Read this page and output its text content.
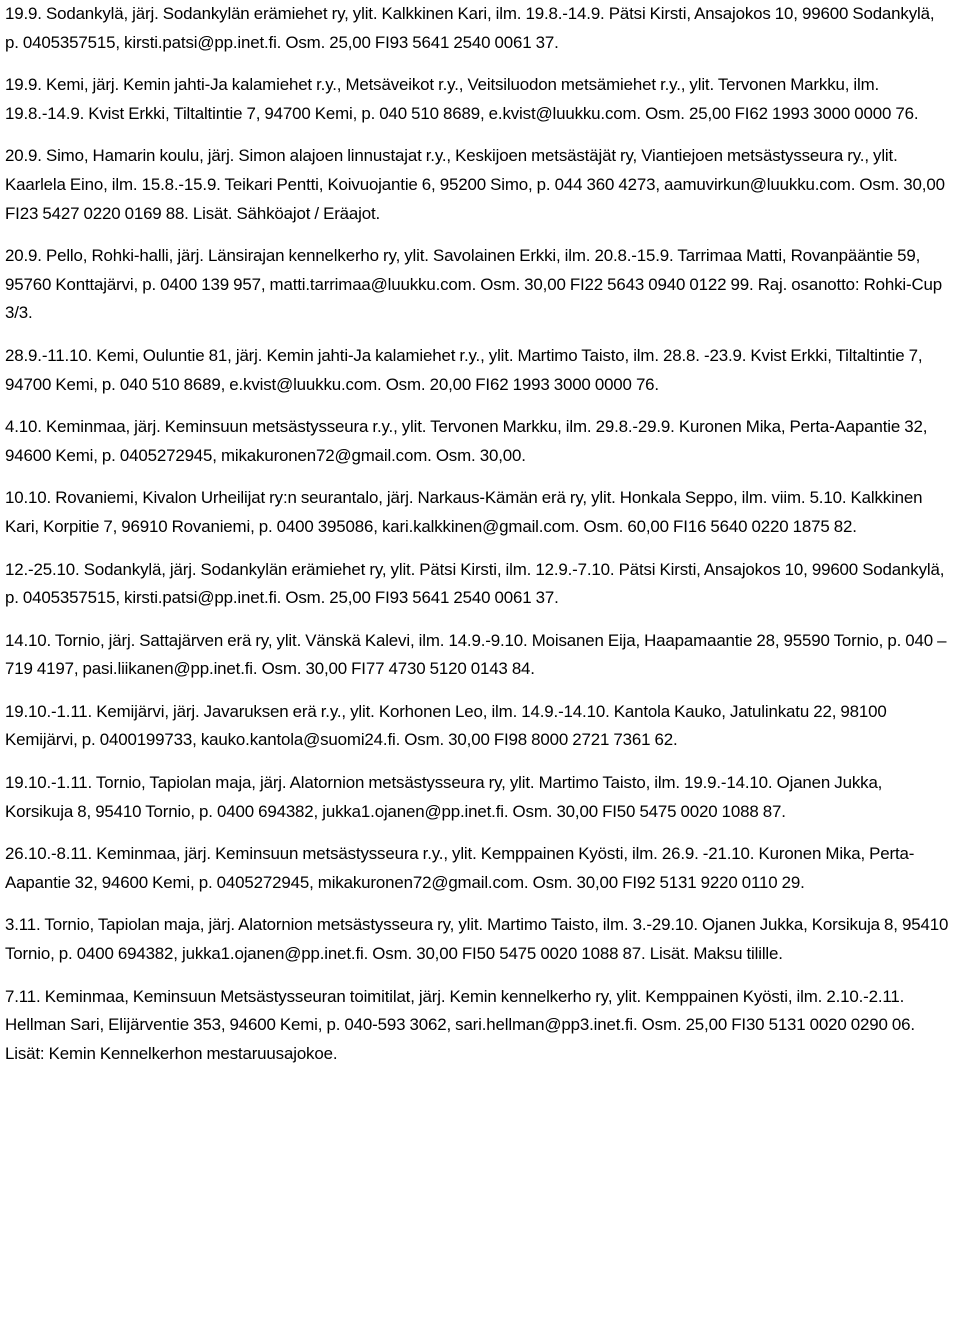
19.9. Sodankylä, järj. Sodankylän erämiehet ry, ylit. Kalkkinen Kari, ilm. 19.8.-14.9. Pätsi Kirsti, Ansajokos 10, 99600 Sodankylä, p. 0405357515, kirsti.patsi@pp.inet.fi. Osm. 25,00 FI93 5641 2540 0061 37.

19.9. Kemi, järj. Kemin jahti-Ja kalamiehet r.y., Metsäveikot r.y., Veitsiluodon metsämiehet r.y., ylit. Tervonen Markku, ilm. 19.8.-14.9. Kvist Erkki, Tiltaltintie 7, 94700 Kemi, p. 040 510 8689, e.kvist@luukku.com. Osm. 25,00 FI62 1993 3000 0000 76.

20.9. Simo, Hamarin koulu, järj. Simon alajoen linnustajat r.y., Keskijoen metsästäjät ry, Viantiejoen metsästysseura ry., ylit. Kaarlela Eino, ilm. 15.8.-15.9. Teikari Pentti, Koivuojantie 6, 95200 Simo, p. 044 360 4273, aamuvirkun@luukku.com. Osm. 30,00 FI23 5427 0220 0169 88. Lisät. Sähköajot / Eräajot.

20.9. Pello, Rohki-halli, järj. Länsirajan kennelkerho ry, ylit. Savolainen Erkki, ilm. 20.8.-15.9. Tarrimaa Matti, Rovanpääntie 59, 95760 Konttajärvi, p. 0400 139 957, matti.tarrimaa@luukku.com. Osm. 30,00 FI22 5643 0940 0122 99. Raj. osanotto: Rohki-Cup 3/3.

28.9.-11.10. Kemi, Ouluntie 81, järj. Kemin jahti-Ja kalamiehet r.y., ylit. Martimo Taisto, ilm. 28.8. -23.9. Kvist Erkki, Tiltaltintie 7, 94700 Kemi, p. 040 510 8689, e.kvist@luukku.com. Osm. 20,00 FI62 1993 3000 0000 76.

4.10. Keminmaa, järj. Keminsuun metsästysseura r.y., ylit. Tervonen Markku, ilm. 29.8.-29.9. Kuronen Mika, Perta-Aapantie 32, 94600 Kemi, p. 0405272945, mikakuronen72@gmail.com. Osm. 30,00.

10.10. Rovaniemi, Kivalon Urheilijat ry:n seurantalo, järj. Narkaus-Kämän erä ry, ylit. Honkala Seppo, ilm. viim. 5.10. Kalkkinen Kari, Korpitie 7, 96910 Rovaniemi, p. 0400 395086, kari.kalkkinen@gmail.com. Osm. 60,00 FI16 5640 0220 1875 82.

12.-25.10. Sodankylä, järj. Sodankylän erämiehet ry, ylit. Pätsi Kirsti, ilm. 12.9.-7.10. Pätsi Kirsti, Ansajokos 10, 99600 Sodankylä, p. 0405357515, kirsti.patsi@pp.inet.fi. Osm. 25,00 FI93 5641 2540 0061 37.

14.10. Tornio, järj. Sattajärven erä ry, ylit. Vänskä Kalevi, ilm. 14.9.-9.10. Moisanen Eija, Haapamaantie 28, 95590 Tornio, p. 040 – 719 4197, pasi.liikanen@pp.inet.fi. Osm. 30,00 FI77 4730 5120 0143 84.

19.10.-1.11. Kemijärvi, järj. Javaruksen erä r.y., ylit. Korhonen Leo, ilm. 14.9.-14.10. Kantola Kauko, Jatulinkatu 22, 98100 Kemijärvi, p. 0400199733, kauko.kantola@suomi24.fi. Osm. 30,00 FI98 8000 2721 7361 62.

19.10.-1.11. Tornio, Tapiolan maja, järj. Alatornion metsästysseura ry, ylit. Martimo Taisto, ilm. 19.9.-14.10. Ojanen Jukka, Korsikuja 8, 95410 Tornio, p. 0400 694382, jukka1.ojanen@pp.inet.fi. Osm. 30,00 FI50 5475 0020 1088 87.

26.10.-8.11. Keminmaa, järj. Keminsuun metsästysseura r.y., ylit. Kemppainen Kyösti, ilm. 26.9. -21.10. Kuronen Mika, Perta-Aapantie 32, 94600 Kemi, p. 0405272945, mikakuronen72@gmail.com. Osm. 30,00 FI92 5131 9220 0110 29.

3.11. Tornio, Tapiolan maja, järj. Alatornion metsästysseura ry, ylit. Martimo Taisto, ilm. 3.-29.10. Ojanen Jukka, Korsikuja 8, 95410 Tornio, p. 0400 694382, jukka1.ojanen@pp.inet.fi. Osm. 30,00 FI50 5475 0020 1088 87. Lisät. Maksu tilille.

7.11. Keminmaa, Keminsuun Metsästysseuran toimitilat, järj. Kemin kennelkerho ry, ylit. Kemppainen Kyösti, ilm. 2.10.-2.11. Hellman Sari, Elijärventie 353, 94600 Kemi, p. 040-593 3062, sari.hellman@pp3.inet.fi. Osm. 25,00 FI30 5131 0020 0290 06. Lisät: Kemin Kennelkerhon mestaruusajokoe.
